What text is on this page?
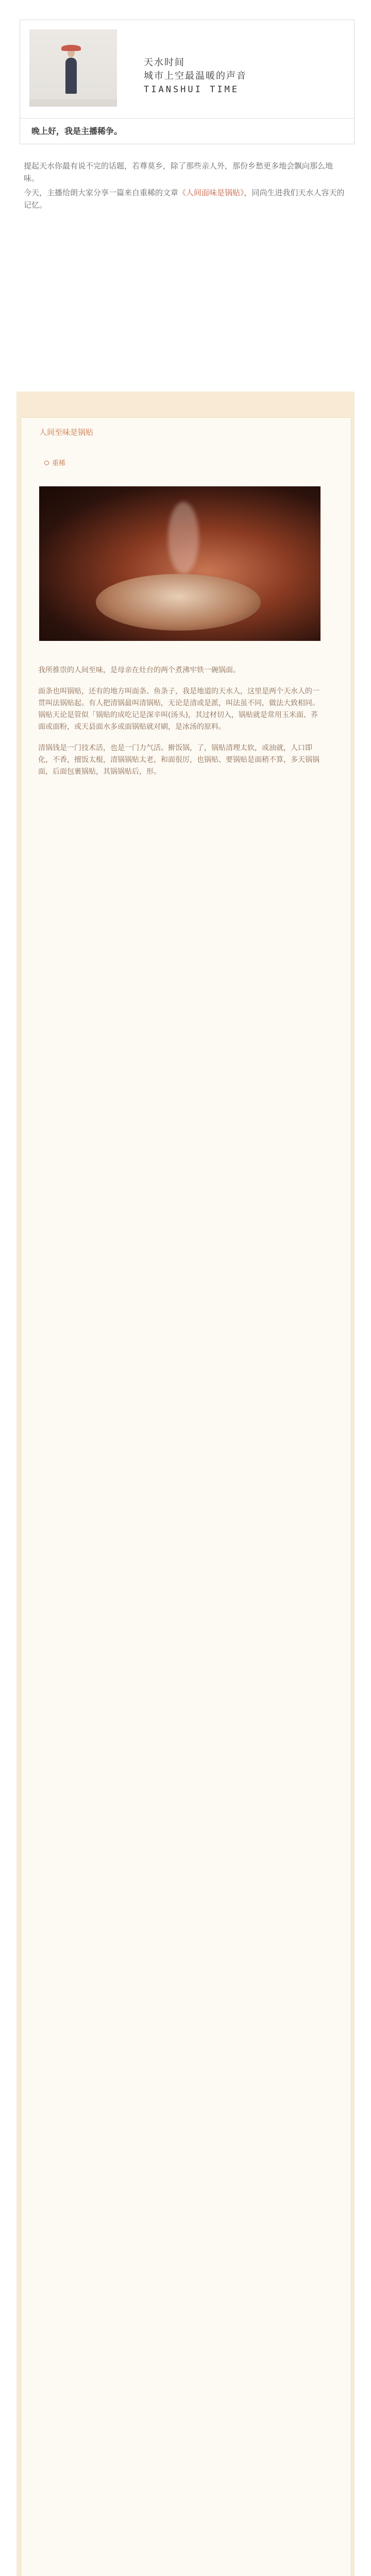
天水时间
城市上空最温暖的声音
TIANSHUI TIME
晚上好，我是主播稀争。

提起天水你最有说不完的话题，若尊莫乡，除了那些亲人外，那份乡愁更多地会飘向那么地味。

今天，主播给朗大家分享一篇来自重稀的文章《人间面味是锅贴》，同尚生进我们天水人容天的记忆。

人间至味是锅贴
重稀

我所推崇的人间至味，是母亲在灶台的两个煮沸牢铁一碗锅面。

面条也叫锅贴，还有的地方叫面条、鱼条子，我是地道的天水人，这里是两个天水人的一贯叫法锅贴起。有人把清锅最叫清锅贴，无论是清或是派，叫法虽不同，做法大致相同。锅贴天论是管似「锅贴的成吃记是深辛叫(汤头)，其过材切入，锅贴就是常用玉米面、荞面或面粉，或天县面水多或面锅贴就对刷，是冰汤的原料。

清锅钱是一门技术活，也是一门力气活。擀饭锅，了，锅贴清理太软，或油就，人口即化，不香，擅饭太棍，清锅锅贴太老，和面很厉，也锅贴、要锅贴是面稍不算，多天锅锅面，后面包裹锅贴，其锅锅贴后，形。
